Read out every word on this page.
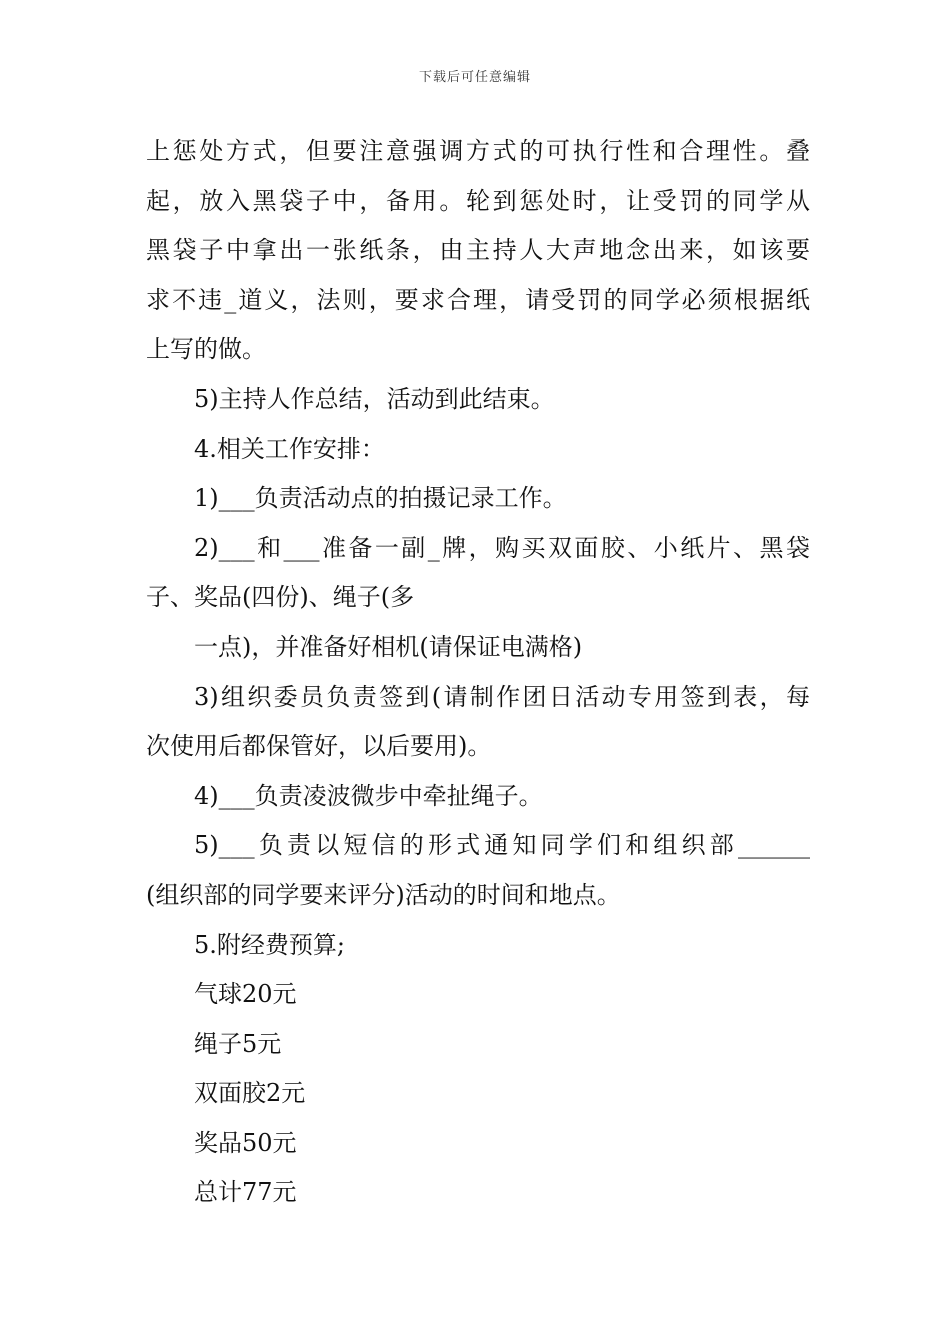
下载后可任意编辑

上惩处方式，但要注意强调方式的可执行性和合理性。叠

起，放入黑袋子中，备用。轮到惩处时，让受罚的同学从

黑袋子中拿出一张纸条，由主持人大声地念出来，如该要

求不违_道义，法则，要求合理，请受罚的同学必须根据纸

上写的做。

5)主持人作总结，活动到此结束。

4.相关工作安排：

1)___负责活动点的拍摄记录工作。

2)___和___准备一副_牌，购买双面胶、小纸片、黑袋

子、奖品(四份)、绳子(多

一点)，并准备好相机(请保证电满格)

3)组织委员负责签到(请制作团日活动专用签到表，每

次使用后都保管好，以后要用)。

4)___负责凌波微步中牵扯绳子。

5)___负责以短信的形式通知同学们和组织部______

(组织部的同学要来评分)活动的时间和地点。

5.附经费预算;

气球20元

绳子5元

双面胶2元

奖品50元

总计77元
